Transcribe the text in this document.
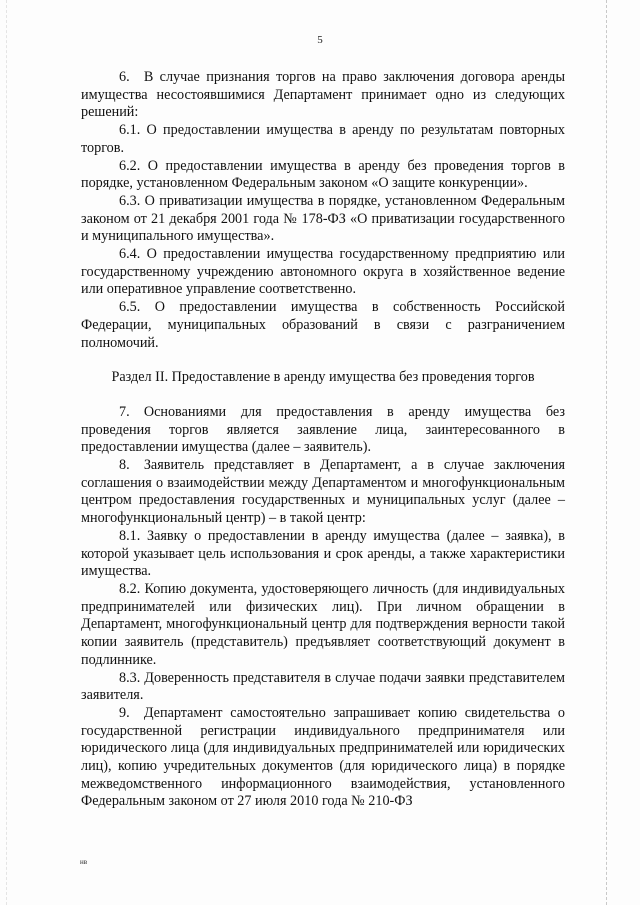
5

6. В случае признания торгов на право заключения договора аренды имущества несостоявшимися Департамент принимает одно из следующих решений:

6.1. О предоставлении имущества в аренду по результатам повторных торгов.

6.2. О предоставлении имущества в аренду без проведения торгов в порядке, установленном Федеральным законом «О защите конкуренции».

6.3. О приватизации имущества в порядке, установленном Федеральным законом от 21 декабря 2001 года № 178-ФЗ «О приватизации государственного и муниципального имущества».

6.4. О предоставлении имущества государственному предприятию или государственному учреждению автономного округа в хозяйственное ведение или оперативное управление соответственно.

6.5. О предоставлении имущества в собственность Российской Федерации, муниципальных образований в связи с разграничением полномочий.

Раздел II. Предоставление в аренду имущества без проведения торгов

7. Основаниями для предоставления в аренду имущества без проведения торгов является заявление лица, заинтересованного в предоставлении имущества (далее – заявитель).

8. Заявитель представляет в Департамент, а в случае заключения соглашения о взаимодействии между Департаментом и многофункциональным центром предоставления государственных и муниципальных услуг (далее – многофункциональный центр) – в такой центр:

8.1. Заявку о предоставлении в аренду имущества (далее – заявка), в которой указывает цель использования и срок аренды, а также характеристики имущества.

8.2. Копию документа, удостоверяющего личность (для индивидуальных предпринимателей или физических лиц). При личном обращении в Департамент, многофункциональный центр для подтверждения верности такой копии заявитель (представитель) предъявляет соответствующий документ в подлиннике.

8.3. Доверенность представителя в случае подачи заявки представителем заявителя.

9. Департамент самостоятельно запрашивает копию свидетельства о государственной регистрации индивидуального предпринимателя или юридического лица (для индивидуальных предпринимателей или юридических лиц), копию учредительных документов (для юридического лица) в порядке межведомственного информационного взаимодействия, установленного Федеральным законом от 27 июля 2010 года № 210-ФЗ

нв
